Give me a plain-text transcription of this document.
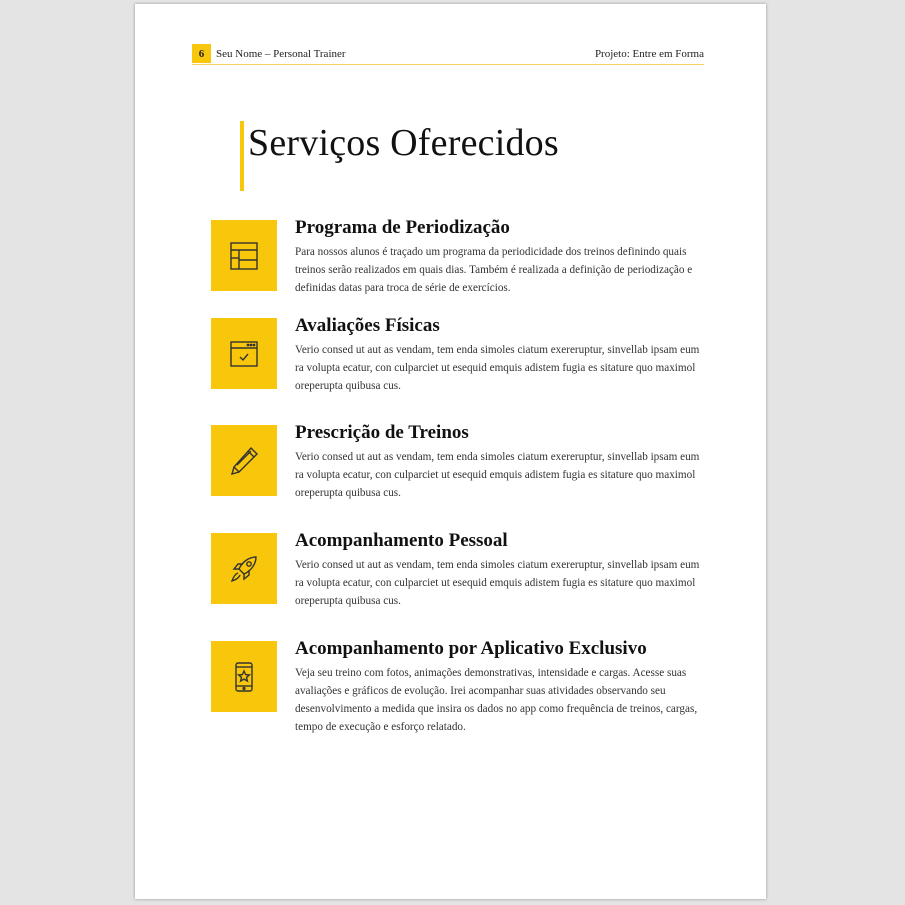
6	Seu Nome – Personal Trainer	Projeto: Entre em Forma
Serviços Oferecidos
Programa de Periodização
Para nossos alunos é traçado um programa da periodicidade dos treinos definindo quais treinos serão realizados em quais dias. Também é realizada a definição de periodização e definidas datas para troca de série de exercícios.
Avaliações Físicas
Verio consed ut aut as vendam, tem enda simoles ciatum exereruptur, sinvellab ipsam eum ra volupta ecatur, con culparciet ut esequid emquis adistem fugia es sitature quo maximol oreperupta quibusa cus.
Prescrição de Treinos
Verio consed ut aut as vendam, tem enda simoles ciatum exereruptur, sinvellab ipsam eum ra volupta ecatur, con culparciet ut esequid emquis adistem fugia es sitature quo maximol oreperupta quibusa cus.
Acompanhamento Pessoal
Verio consed ut aut as vendam, tem enda simoles ciatum exereruptur, sinvellab ipsam eum ra volupta ecatur, con culparciet ut esequid emquis adistem fugia es sitature quo maximol oreperupta quibusa cus.
Acompanhamento por Aplicativo Exclusivo
Veja seu treino com fotos, animações demonstrativas, intensidade e cargas. Acesse suas avaliações e gráficos de evolução. Irei acompanhar suas atividades observando seu desenvolvimento a medida que insira os dados no app como frequência de treinos, cargas, tempo de execução e esforço relatado.
